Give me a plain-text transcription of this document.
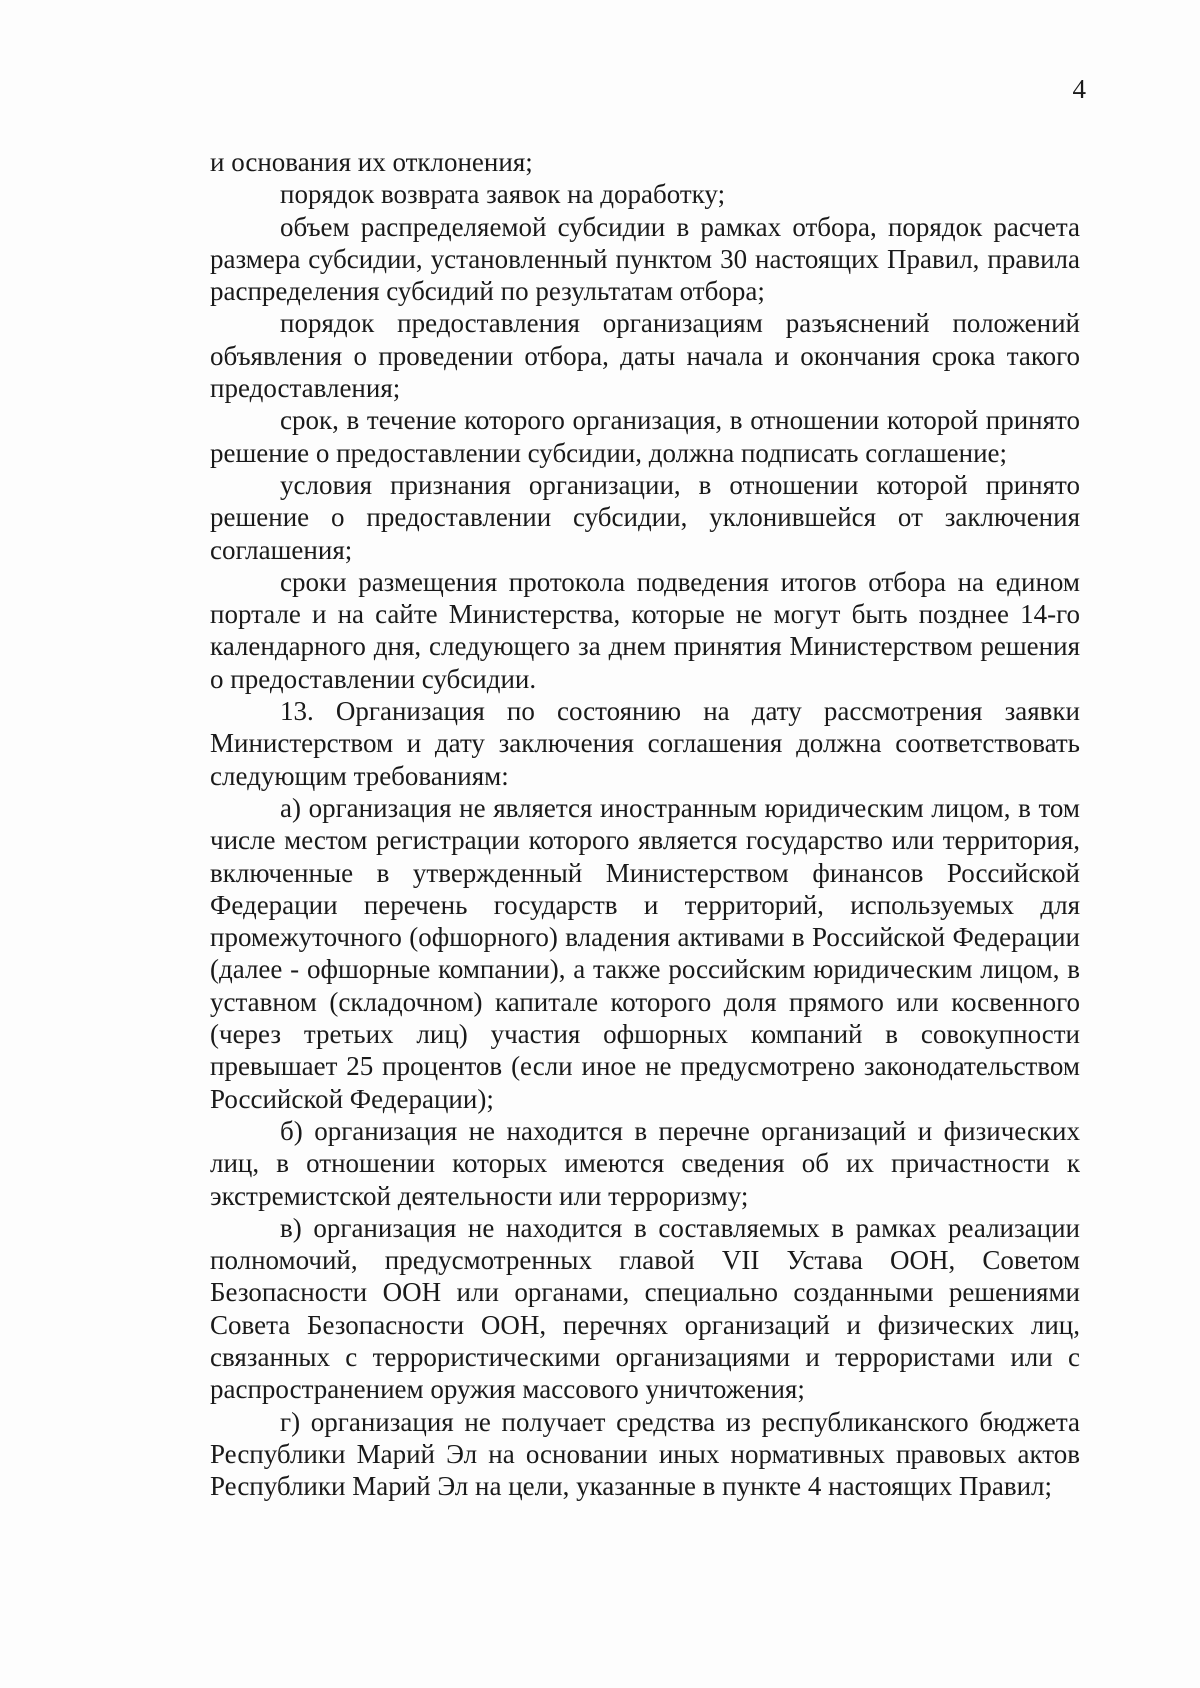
4

и основания их отклонения;

порядок возврата заявок на доработку;

объем распределяемой субсидии в рамках отбора, порядок расчета размера субсидии, установленный пунктом 30 настоящих Правил, правила распределения субсидий по результатам отбора;

порядок предоставления организациям разъяснений положений объявления о проведении отбора, даты начала и окончания срока такого предоставления;

срок, в течение которого организация, в отношении которой принято решение о предоставлении субсидии, должна подписать соглашение;

условия признания организации, в отношении которой принято решение о предоставлении субсидии, уклонившейся от заключения соглашения;

сроки размещения протокола подведения итогов отбора на едином портале и на сайте Министерства, которые не могут быть позднее 14-го календарного дня, следующего за днем принятия Министерством решения о предоставлении субсидии.

13. Организация по состоянию на дату рассмотрения заявки Министерством и дату заключения соглашения должна соответствовать следующим требованиям:

а) организация не является иностранным юридическим лицом, в том числе местом регистрации которого является государство или территория, включенные в утвержденный Министерством финансов Российской Федерации перечень государств и территорий, используемых для промежуточного (офшорного) владения активами в Российской Федерации (далее - офшорные компании), а также российским юридическим лицом, в уставном (складочном) капитале которого доля прямого или косвенного (через третьих лиц) участия офшорных компаний в совокупности превышает 25 процентов (если иное не предусмотрено законодательством Российской Федерации);

б) организация не находится в перечне организаций и физических лиц, в отношении которых имеются сведения об их причастности к экстремистской деятельности или терроризму;

в) организация не находится в составляемых в рамках реализации полномочий, предусмотренных главой VII Устава ООН, Советом Безопасности ООН или органами, специально созданными решениями Совета Безопасности ООН, перечнях организаций и физических лиц, связанных с террористическими организациями и террористами или с распространением оружия массового уничтожения;

г) организация не получает средства из республиканского бюджета Республики Марий Эл на основании иных нормативных правовых актов Республики Марий Эл на цели, указанные в пункте 4 настоящих Правил;
